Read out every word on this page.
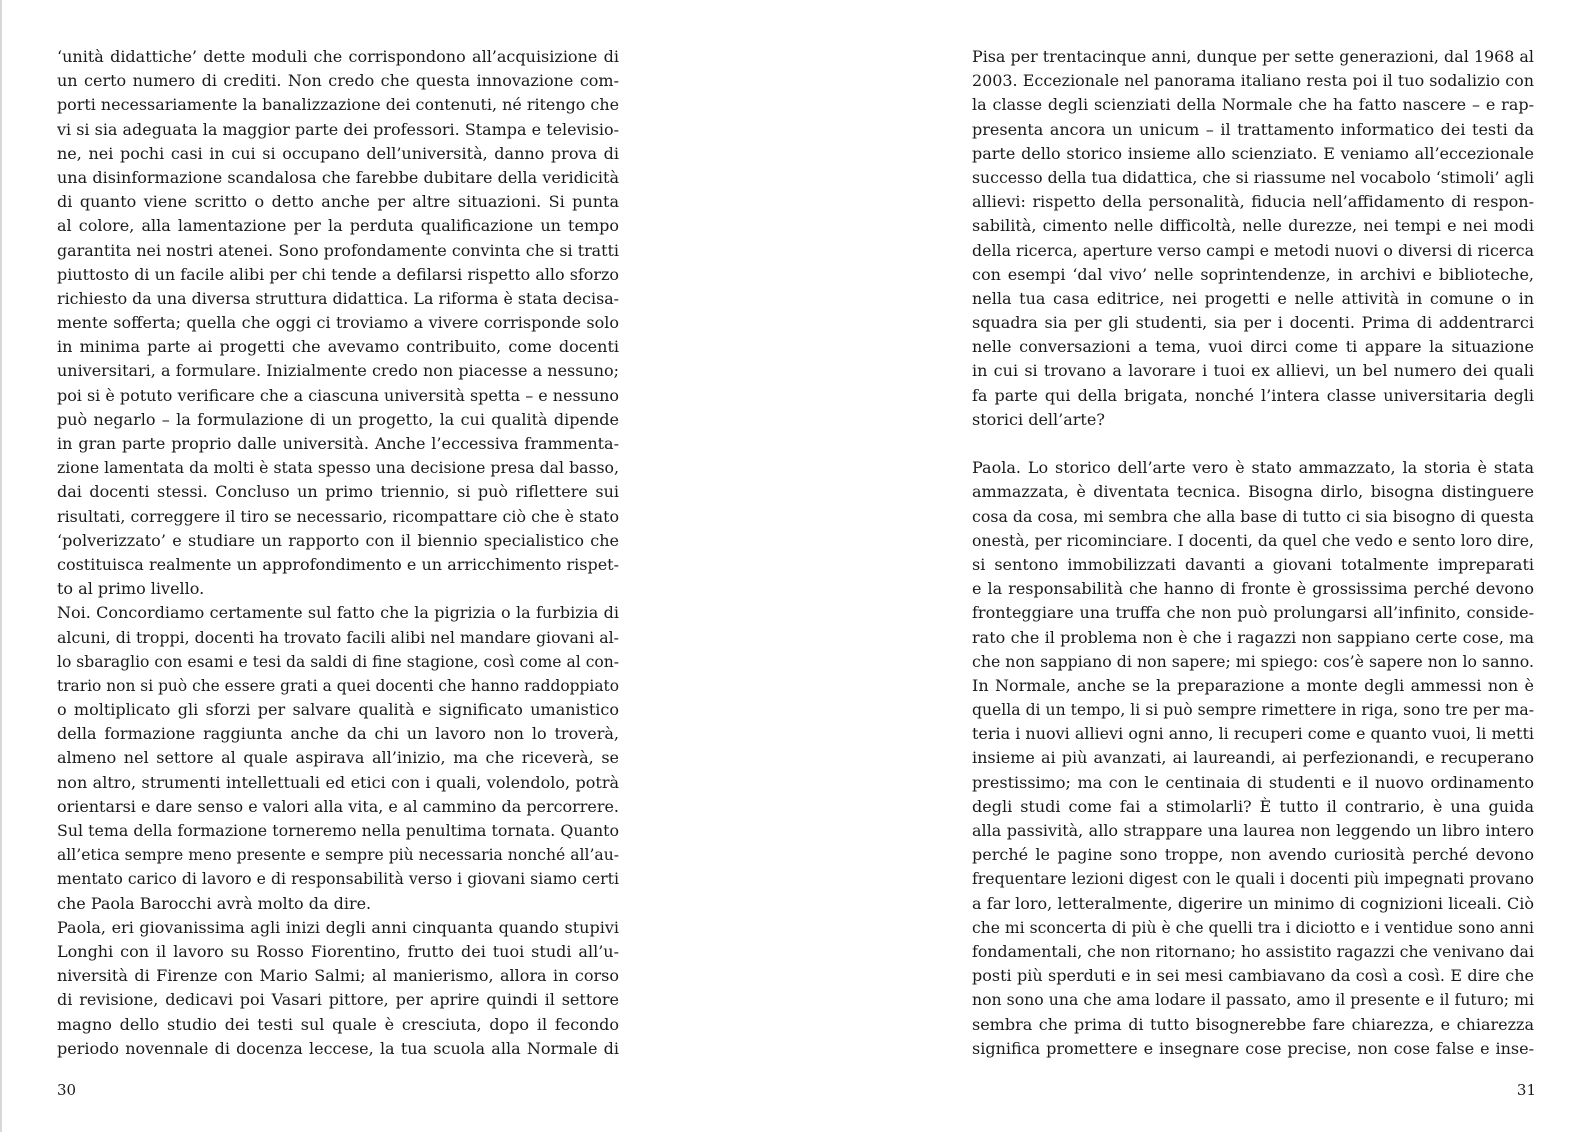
‘unità didattiche’ dette moduli che corrispondono all’acquisizione di
un certo numero di crediti. Non credo che questa innovazione com-
porti necessariamente la banalizzazione dei contenuti, né ritengo che
vi si sia adeguata la maggior parte dei professori. Stampa e televisio-
ne, nei pochi casi in cui si occupano dell’università, danno prova di
una disinformazione scandalosa che farebbe dubitare della veridicità
di quanto viene scritto o detto anche per altre situazioni. Si punta
al colore, alla lamentazione per la perduta qualificazione un tempo
garantita nei nostri atenei. Sono profondamente convinta che si tratti
piuttosto di un facile alibi per chi tende a defilarsi rispetto allo sforzo
richiesto da una diversa struttura didattica. La riforma è stata decisa-
mente sofferta; quella che oggi ci troviamo a vivere corrisponde solo
in minima parte ai progetti che avevamo contribuito, come docenti
universitari, a formulare. Inizialmente credo non piacesse a nessuno;
poi si è potuto verificare che a ciascuna università spetta – e nessuno
può negarlo – la formulazione di un progetto, la cui qualità dipende
in gran parte proprio dalle università. Anche l’eccessiva frammenta-
zione lamentata da molti è stata spesso una decisione presa dal basso,
dai docenti stessi. Concluso un primo triennio, si può riflettere sui
risultati, correggere il tiro se necessario, ricompattare ciò che è stato
‘polverizzato’ e studiare un rapporto con il biennio specialistico che
costituisca realmente un approfondimento e un arricchimento rispet-
to al primo livello.
Noi. Concordiamo certamente sul fatto che la pigrizia o la furbizia di
alcuni, di troppi, docenti ha trovato facili alibi nel mandare giovani al-
lo sbaraglio con esami e tesi da saldi di fine stagione, così come al con-
trario non si può che essere grati a quei docenti che hanno raddoppiato
o moltiplicato gli sforzi per salvare qualità e significato umanistico
della formazione raggiunta anche da chi un lavoro non lo troverà,
almeno nel settore al quale aspirava all’inizio, ma che riceverà, se
non altro, strumenti intellettuali ed etici con i quali, volendolo, potrà
orientarsi e dare senso e valori alla vita, e al cammino da percorrere.
Sul tema della formazione torneremo nella penultima tornata. Quanto
all’etica sempre meno presente e sempre più necessaria nonché all’au-
mentato carico di lavoro e di responsabilità verso i giovani siamo certi
che Paola Barocchi avrà molto da dire.
Paola, eri giovanissima agli inizi degli anni cinquanta quando stupivi
Longhi con il lavoro su Rosso Fiorentino, frutto dei tuoi studi all’u-
niversità di Firenze con Mario Salmi; al manierismo, allora in corso
di revisione, dedicavi poi Vasari pittore, per aprire quindi il settore
magno dello studio dei testi sul quale è cresciuta, dopo il fecondo
periodo novennale di docenza leccese, la tua scuola alla Normale di
30
Pisa per trentacinque anni, dunque per sette generazioni, dal 1968 al
2003. Eccezionale nel panorama italiano resta poi il tuo sodalizio con
la classe degli scienziati della Normale che ha fatto nascere – e rap-
presenta ancora un unicum – il trattamento informatico dei testi da
parte dello storico insieme allo scienziato. E veniamo all’eccezionale
successo della tua didattica, che si riassume nel vocabolo ‘stimoli’ agli
allievi: rispetto della personalità, fiducia nell’affidamento di respon-
sabilità, cimento nelle difficoltà, nelle durezze, nei tempi e nei modi
della ricerca, aperture verso campi e metodi nuovi o diversi di ricerca
con esempi ‘dal vivo’ nelle soprintendenze, in archivi e biblioteche,
nella tua casa editrice, nei progetti e nelle attività in comune o in
squadra sia per gli studenti, sia per i docenti. Prima di addentrarci
nelle conversazioni a tema, vuoi dirci come ti appare la situazione
in cui si trovano a lavorare i tuoi ex allievi, un bel numero dei quali
fa parte qui della brigata, nonché l’intera classe universitaria degli
storici dell’arte?
Paola. Lo storico dell’arte vero è stato ammazzato, la storia è stata
ammazzata, è diventata tecnica. Bisogna dirlo, bisogna distinguere
cosa da cosa, mi sembra che alla base di tutto ci sia bisogno di questa
onestà, per ricominciare. I docenti, da quel che vedo e sento loro dire,
si sentono immobilizzati davanti a giovani totalmente impreparati
e la responsabilità che hanno di fronte è grossissima perché devono
fronteggiare una truffa che non può prolungarsi all’infinito, conside-
rato che il problema non è che i ragazzi non sappiano certe cose, ma
che non sappiano di non sapere; mi spiego: cos’è sapere non lo sanno.
In Normale, anche se la preparazione a monte degli ammessi non è
quella di un tempo, li si può sempre rimettere in riga, sono tre per ma-
teria i nuovi allievi ogni anno, li recuperi come e quanto vuoi, li metti
insieme ai più avanzati, ai laureandi, ai perfezionandi, e recuperano
prestissimo; ma con le centinaia di studenti e il nuovo ordinamento
degli studi come fai a stimolarli? È tutto il contrario, è una guida
alla passività, allo strappare una laurea non leggendo un libro intero
perché le pagine sono troppe, non avendo curiosità perché devono
frequentare lezioni digest con le quali i docenti più impegnati provano
a far loro, letteralmente, digerire un minimo di cognizioni liceali. Ciò
che mi sconcerta di più è che quelli tra i diciotto e i ventidue sono anni
fondamentali, che non ritornano; ho assistito ragazzi che venivano dai
posti più sperduti e in sei mesi cambiavano da così a così. E dire che
non sono una che ama lodare il passato, amo il presente e il futuro; mi
sembra che prima di tutto bisognerebbe fare chiarezza, e chiarezza
significa promettere e insegnare cose precise, non cose false e inse-
31
